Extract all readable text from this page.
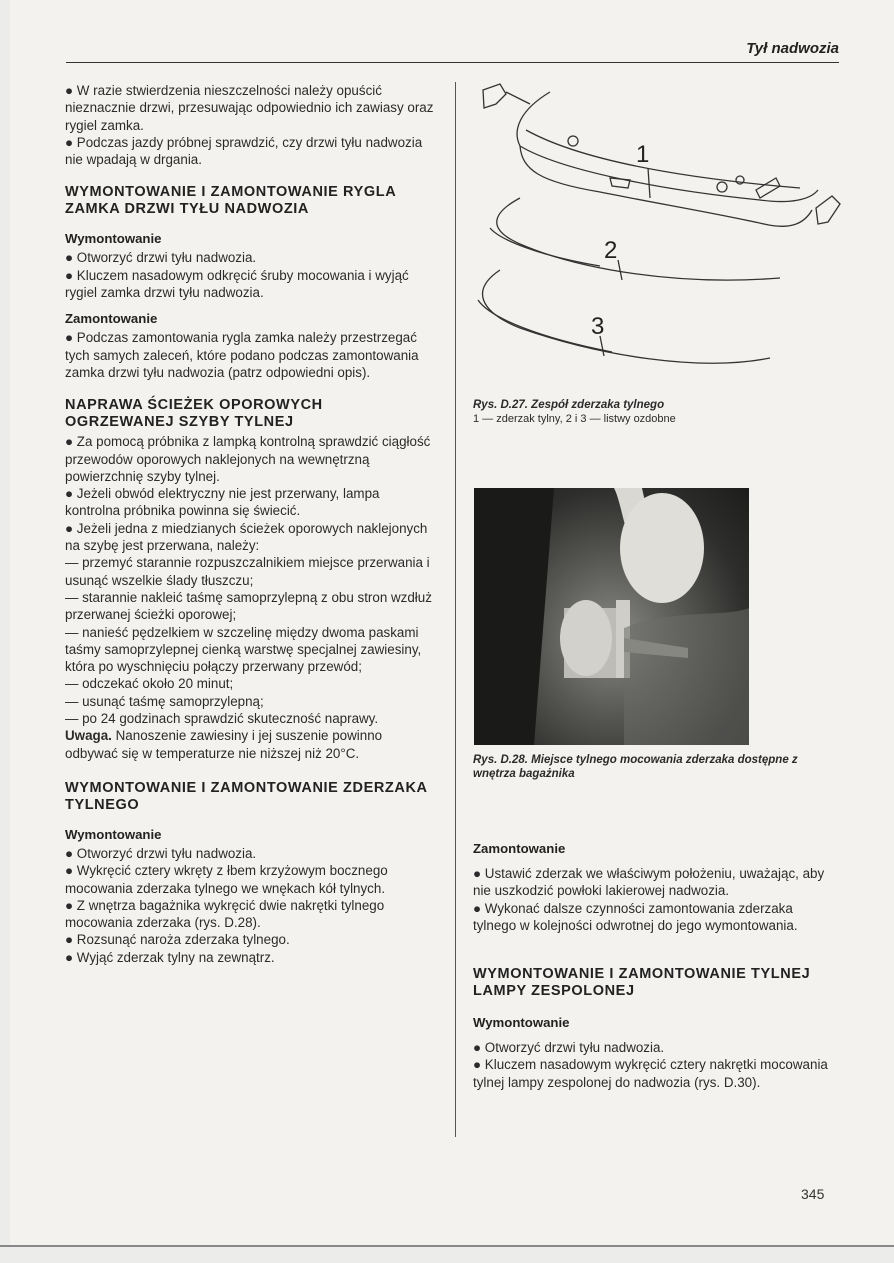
Tył nadwozia

● W razie stwierdzenia nieszczelności należy opuścić nieznacznie drzwi, przesuwając odpowiednio ich zawiasy oraz rygiel zamka.

● Podczas jazdy próbnej sprawdzić, czy drzwi tyłu nadwozia nie wpadają w drgania.

WYMONTOWANIE I ZAMONTOWANIE RYGLA ZAMKA DRZWI TYŁU NADWOZIA
Wymontowanie

● Otworzyć drzwi tyłu nadwozia.

● Kluczem nasadowym odkręcić śruby mocowania i wyjąć rygiel zamka drzwi tyłu nadwozia.

Zamontowanie

● Podczas zamontowania rygla zamka należy przestrzegać tych samych zaleceń, które podano podczas zamontowania zamka drzwi tyłu nadwozia (patrz odpowiedni opis).

NAPRAWA ŚCIEŻEK OPOROWYCH OGRZEWANEJ SZYBY TYLNEJ

● Za pomocą próbnika z lampką kontrolną sprawdzić ciągłość przewodów oporowych naklejonych na wewnętrzną powierzchnię szyby tylnej.

● Jeżeli obwód elektryczny nie jest przerwany, lampa kontrolna próbnika powinna się świecić.

● Jeżeli jedna z miedzianych ścieżek oporowych naklejonych na szybę jest przerwana, należy:

— przemyć starannie rozpuszczalnikiem miejsce przerwania i usunąć wszelkie ślady tłuszczu;

— starannie nakleić taśmę samoprzylepną z obu stron wzdłuż przerwanej ścieżki oporowej;

— nanieść pędzelkiem w szczelinę między dwoma paskami taśmy samoprzylepnej cienką warstwę specjalnej zawiesiny, która po wyschnięciu połączy przerwany przewód;

— odczekać około 20 minut;

— usunąć taśmę samoprzylepną;

— po 24 godzinach sprawdzić skuteczność naprawy.

Uwaga. Nanoszenie zawiesiny i jej suszenie powinno odbywać się w temperaturze nie niższej niż 20°C.

WYMONTOWANIE I ZAMONTOWANIE ZDERZAKA TYLNEGO
Wymontowanie

● Otworzyć drzwi tyłu nadwozia.

● Wykręcić cztery wkręty z łbem krzyżowym bocznego mocowania zderzaka tylnego we wnękach kół tylnych.

● Z wnętrza bagażnika wykręcić dwie nakrętki tylnego mocowania zderzaka (rys. D.28).

● Rozsunąć naroża zderzaka tylnego.

● Wyjąć zderzak tylny na zewnątrz.

1
2
3
Rys. D.27. Zespół zderzaka tylnego
1 — zderzak tylny, 2 i 3 — listwy ozdobne
Rys. D.28. Miejsce tylnego mocowania zderzaka dostępne z wnętrza bagażnika
Zamontowanie

● Ustawić zderzak we właściwym położeniu, uważając, aby nie uszkodzić powłoki lakierowej nadwozia.

● Wykonać dalsze czynności zamontowania zderzaka tylnego w kolejności odwrotnej do jego wymontowania.

WYMONTOWANIE I ZAMONTOWANIE TYLNEJ LAMPY ZESPOLONEJ
Wymontowanie

● Otworzyć drzwi tyłu nadwozia.

● Kluczem nasadowym wykręcić cztery nakrętki mocowania tylnej lampy zespolonej do nadwozia (rys. D.30).

345
